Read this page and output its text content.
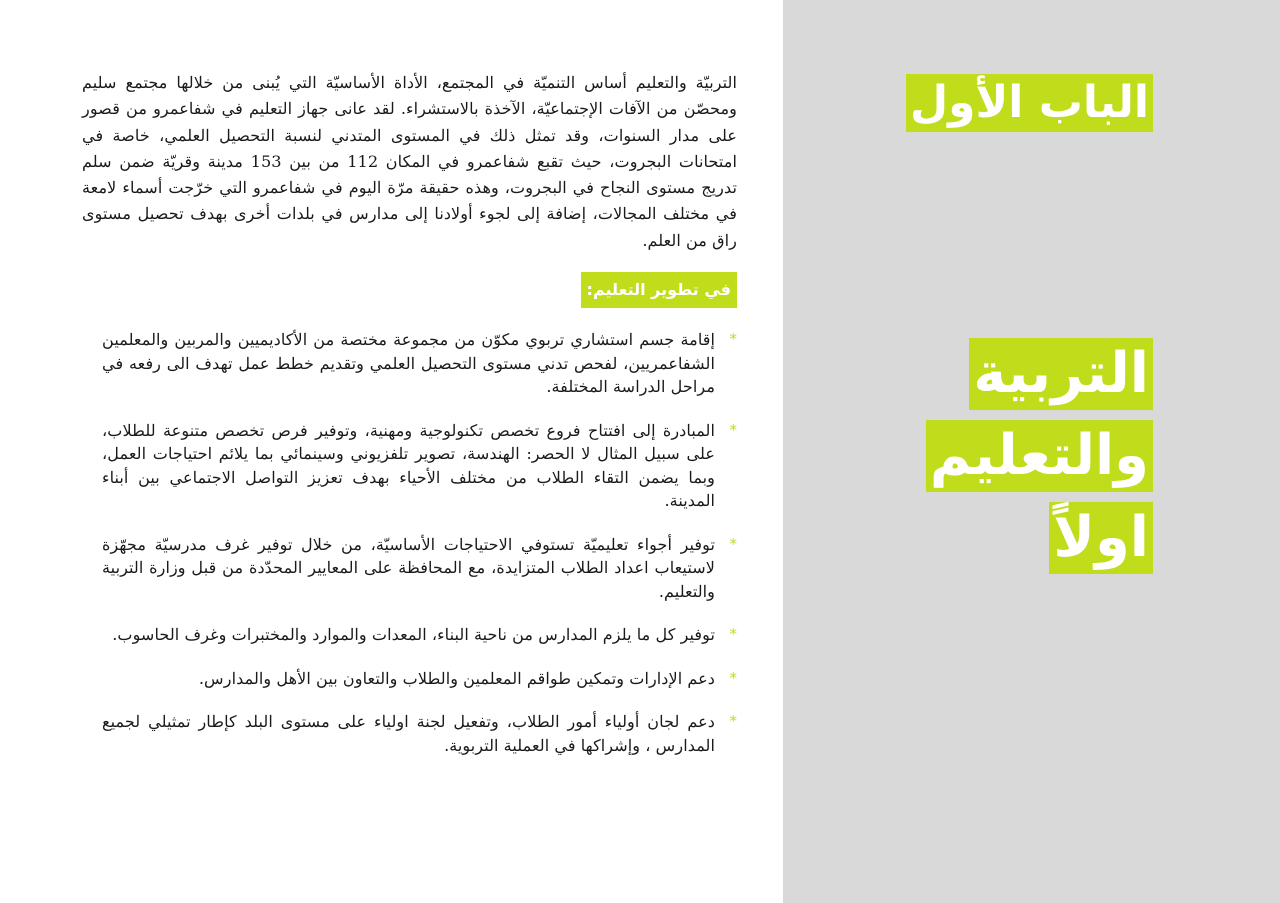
الباب الأول
التربية
والتعليم
اولاً

التربيّة والتعليم أساس التنميّة في المجتمع، الأداة الأساسيّة التي يُبنى من خلالها مجتمع سليم ومحصّن من الآفات الإجتماعيّة، الآخذة بالاستشراء. لقد عانى جهاز التعليم في شفاعمرو من قصور على مدار السنوات، وقد تمثل ذلك في المستوى المتدني لنسبة التحصيل العلمي، خاصة في امتحانات البجروت، حيث تقبع شفاعمرو في المكان 112 من بين 153 مدينة وقريّة ضمن سلم تدريج مستوى النجاح في البجروت، وهذه حقيقة مرّة اليوم في شفاعمرو التي خرّجت أسماء لامعة في مختلف المجالات، إضافة إلى لجوء أولادنا إلى مدارس في بلدات أخرى بهدف تحصيل مستوى راق من العلم.

في تطوير التعليم:
*
إقامة جسم استشاري تربوي مكوّن من مجموعة مختصة من الأكاديميين والمربين والمعلمين الشفاعمريين، لفحص تدني مستوى التحصيل العلمي وتقديم خطط عمل تهدف الى رفعه في مراحل الدراسة المختلفة.
*
المبادرة إلى افتتاح فروع تخصص تكنولوجية ومهنية، وتوفير فرص تخصص متنوعة للطلاب، على سبيل المثال لا الحصر: الهندسة، تصوير تلفزيوني وسينمائي بما يلائم احتياجات العمل، وبما يضمن التقاء الطلاب من مختلف الأحياء بهدف تعزيز التواصل الاجتماعي بين أبناء المدينة.
*
توفير أجواء تعليميّة تستوفي الاحتياجات الأساسيّة، من خلال توفير غرف مدرسيّة مجهّزة لاستيعاب اعداد الطلاب المتزايدة، مع المحافظة على المعايير المحدّدة من قبل وزارة التربية والتعليم.
*
توفير كل ما يلزم المدارس من ناحية البناء، المعدات والموارد والمختبرات وغرف الحاسوب.
*
دعم الإدارات وتمكين طواقم المعلمين والطلاب والتعاون بين الأهل والمدارس.
*
دعم لجان أولياء أمور الطلاب، وتفعيل لجنة اولياء على مستوى البلد كإطار تمثيلي لجميع المدارس ، وإشراكها في العملية التربوية.
